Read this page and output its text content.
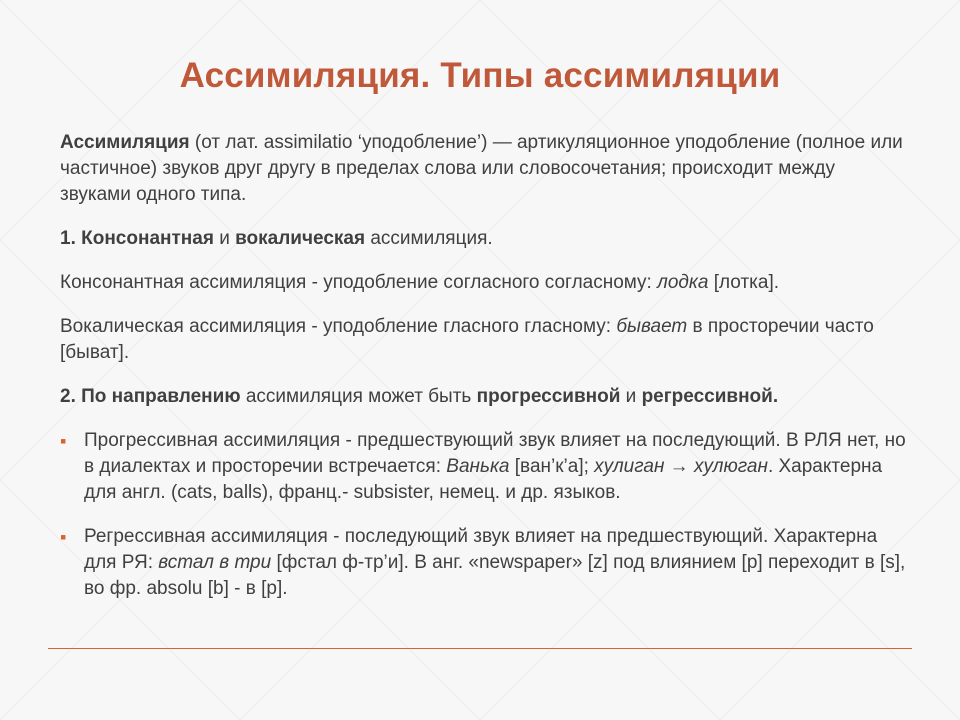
Ассимиляция. Типы ассимиляции

Ассимиляция (от лат. assimilatio ‘уподобление’) — артикуляционное уподобление (полное или частичное) звуков друг другу в пределах слова или словосочетания; происходит между звуками одного типа.

1. Консонантная и вокалическая ассимиляция.

Консонантная ассимиляция - уподобление согласного согласному: лодка [лотка].

Вокалическая ассимиляция - уподобление гласного гласному: бывает в просторечии часто [быват].

2. По направлению ассимиляция может быть прогрессивной и регрессивной.

▪ Прогрессивная ассимиляция - предшествующий звук влияет на последующий. В РЛЯ нет, но в диалектах и просторечии встречается: Ванька [ван’к’а]; хулиган → хулюган. Характерна для англ. (cats, balls), франц.- subsister, немец. и др. языков.
▪ Регрессивная ассимиляция - последующий звук влияет на предшествующий. Характерна для РЯ: встал в три [фстал ф-тр’и]. В анг. «newspaper» [z] под влиянием [p] переходит в [s], во фр. absolu [b] - в [p].
